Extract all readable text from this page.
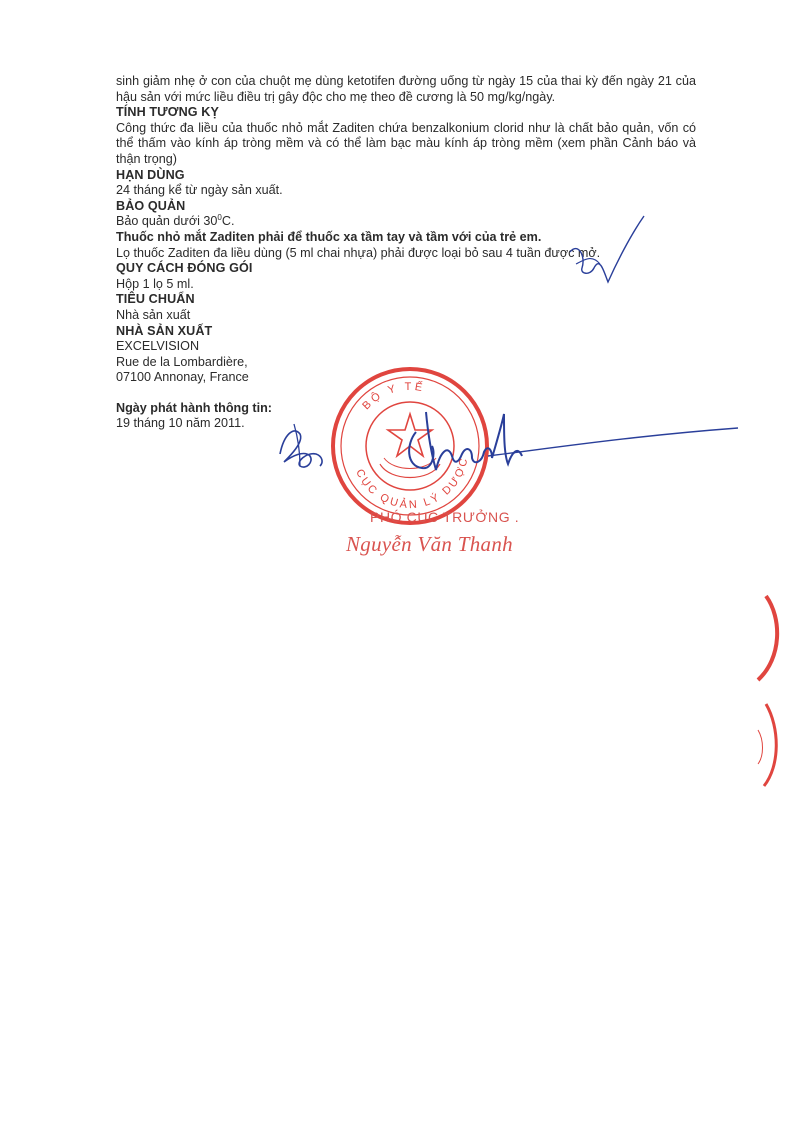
sinh giảm nhẹ ở con của chuột mẹ dùng ketotifen đường uống từ ngày 15 của thai kỳ đến ngày 21 của hậu sản với mức liều điều trị gây độc cho mẹ theo đề cương là 50 mg/kg/ngày.

TÍNH TƯƠNG KỴ

Công thức đa liều của thuốc nhỏ mắt Zaditen chứa benzalkonium clorid như là chất bảo quản, vốn có thể thấm vào kính áp tròng mềm và có thể làm bạc màu kính áp tròng mềm (xem phần Cảnh báo và thận trọng)

HẠN DÙNG

24 tháng kể từ ngày sản xuất.

BẢO QUẢN

Bảo quản dưới $30^0C$.

Thuốc nhỏ mắt Zaditen phải để thuốc xa tầm tay và tầm với của trẻ em.

Lọ thuốc Zaditen đa liều dùng (5 ml chai nhựa) phải được loại bỏ sau 4 tuần được mở.

QUY CÁCH ĐÓNG GÓI

Hộp 1 lọ 5 ml.

TIÊU CHUẨN

Nhà sản xuất

NHÀ SẢN XUẤT

EXCELVISION

Rue de la Lombardière,

07100 Annonay, France

Ngày phát hành thông tin:

19 tháng 10 năm 2011.

BỘ Y TẾ
CỤC QUẢN LÝ DƯỢC
PHÓ CỤC TRƯỞNG .
Nguyễn Văn Thanh
